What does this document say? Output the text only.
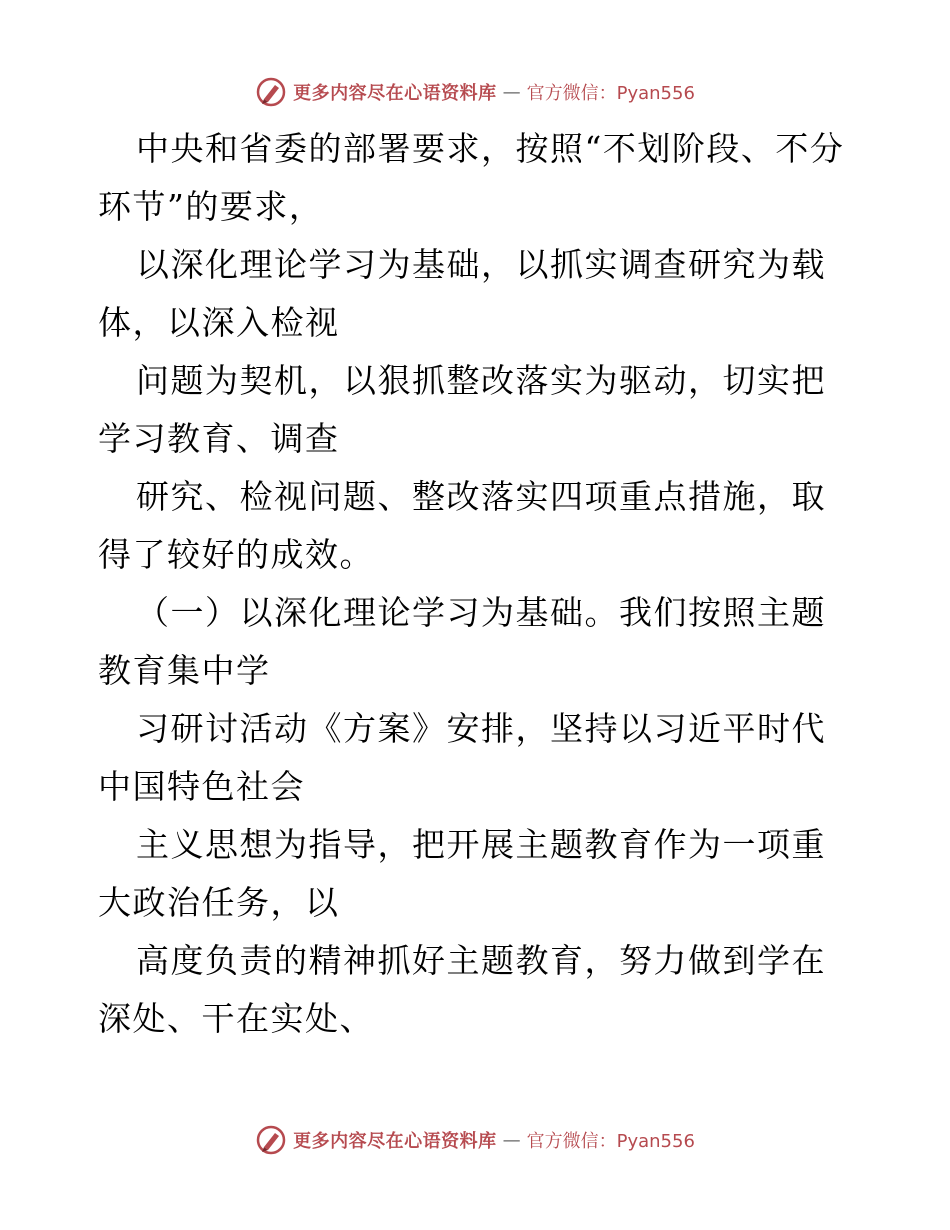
更多内容尽在心语资料库 — 官方微信：Pyan556

中央和省委的部署要求，按照“不划阶段、不分环节”的要求，

以深化理论学习为基础，以抓实调查研究为载体，以深入检视

问题为契机，以狠抓整改落实为驱动，切实把学习教育、调查

研究、检视问题、整改落实四项重点措施，取得了较好的成效。

（一）以深化理论学习为基础。我们按照主题教育集中学

习研讨活动《方案》安排，坚持以习近平时代中国特色社会

主义思想为指导，把开展主题教育作为一项重大政治任务，以

高度负责的精神抓好主题教育，努力做到学在深处、干在实处、

更多内容尽在心语资料库 — 官方微信：Pyan556
